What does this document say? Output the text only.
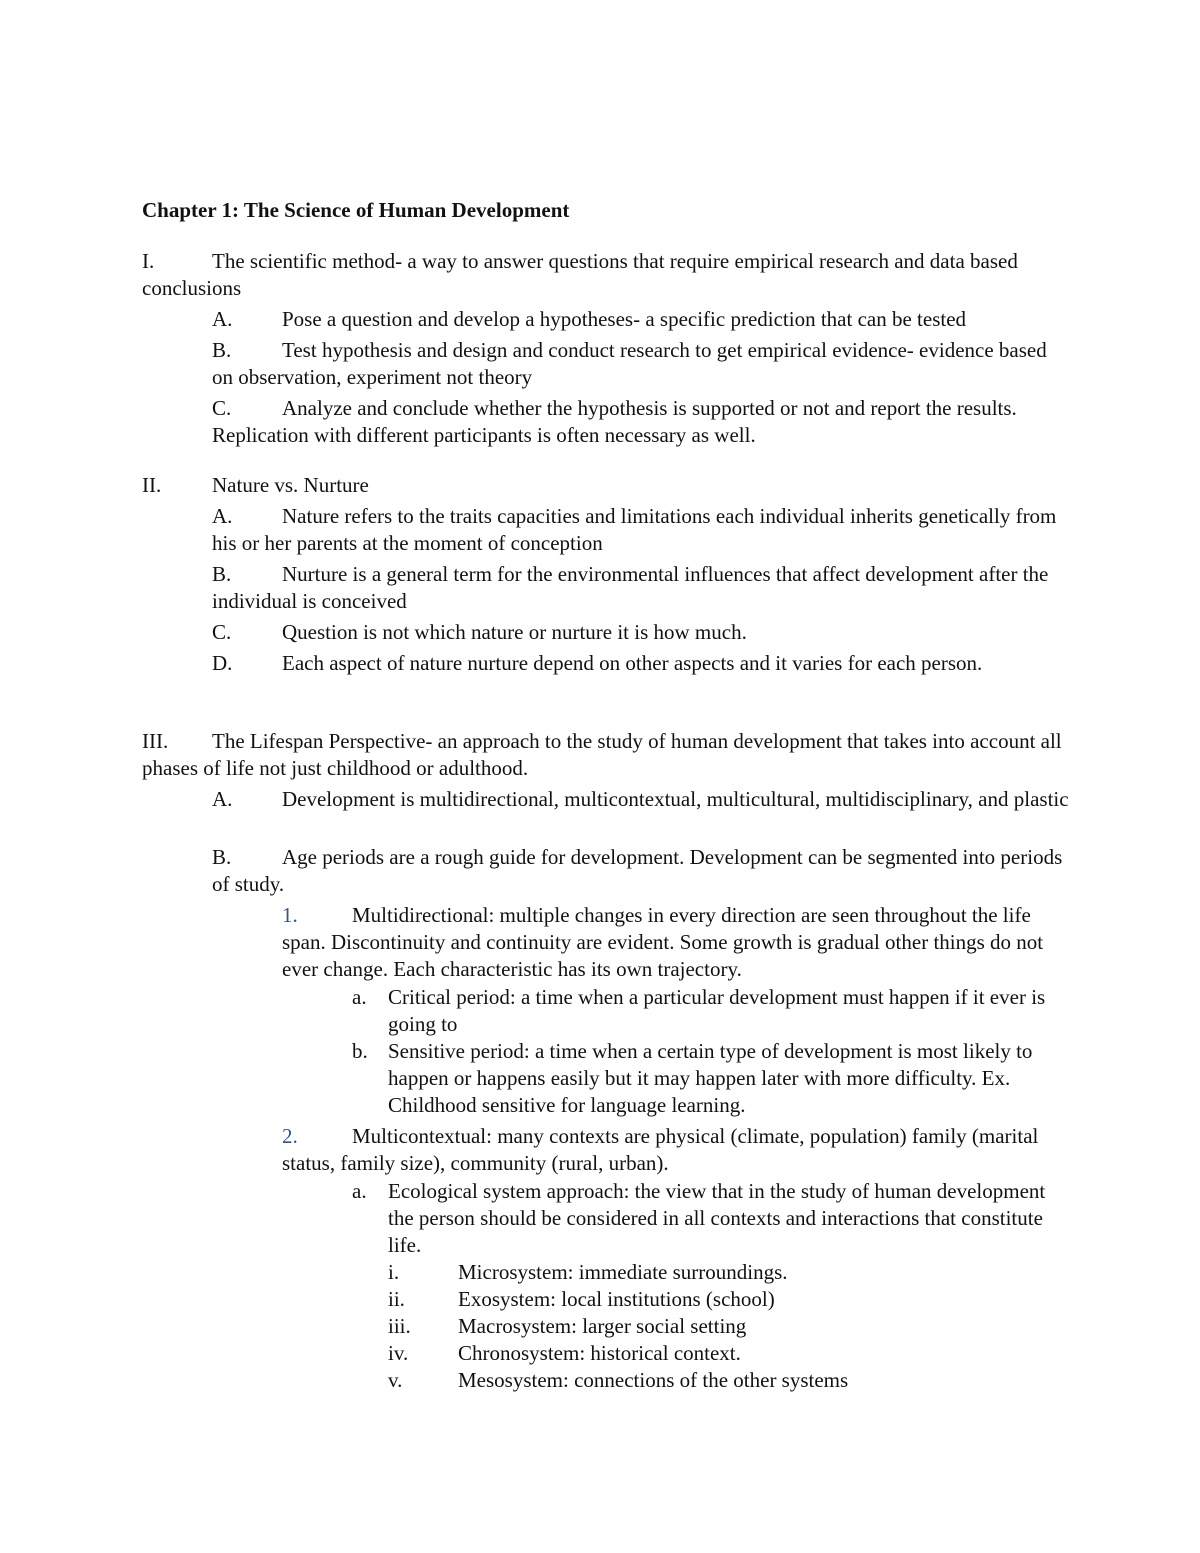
Chapter 1: The Science of Human Development
I.	The scientific method- a way to answer questions that require empirical research and data based conclusions
A.	Pose a question and develop a hypotheses- a specific prediction that can be tested
B.	Test hypothesis and design and conduct research to get empirical evidence- evidence based on observation, experiment not theory
C.	Analyze and conclude whether the hypothesis is supported or not and report the results. Replication with different participants is often necessary as well.
II.	Nature vs. Nurture
A.	Nature refers to the traits capacities and limitations each individual inherits genetically from his or her parents at the moment of conception
B.	Nurture is a general term for the environmental influences that affect development after the individual is conceived
C.	Question is not which nature or nurture it is how much.
D.	Each aspect of nature nurture depend on other aspects and it varies for each person.
III.	The Lifespan Perspective- an approach to the study of human development that takes into account all phases of life not just childhood or adulthood.
A.	Development is multidirectional, multicontextual, multicultural, multidisciplinary, and plastic
B.	Age periods are a rough guide for development. Development can be segmented into periods of study.
1.	Multidirectional: multiple changes in every direction are seen throughout the life span. Discontinuity and continuity are evident. Some growth is gradual other things do not ever change. Each characteristic has its own trajectory.
a.	Critical period: a time when a particular development must happen if it ever is going to
b. Sensitive period: a time when a certain type of development is most likely to happen or happens easily but it may happen later with more difficulty. Ex. Childhood sensitive for language learning.
2.	Multicontextual: many contexts are physical (climate, population) family (marital status, family size), community (rural, urban).
a.	Ecological system approach: the view that in the study of human development the person should be considered in all contexts and interactions that constitute life.
i.	Microsystem: immediate surroundings.
ii.	Exosystem: local institutions (school)
iii.	Macrosystem: larger social setting
iv.	Chronosystem: historical context.
v.	Mesosystem: connections of the other systems
